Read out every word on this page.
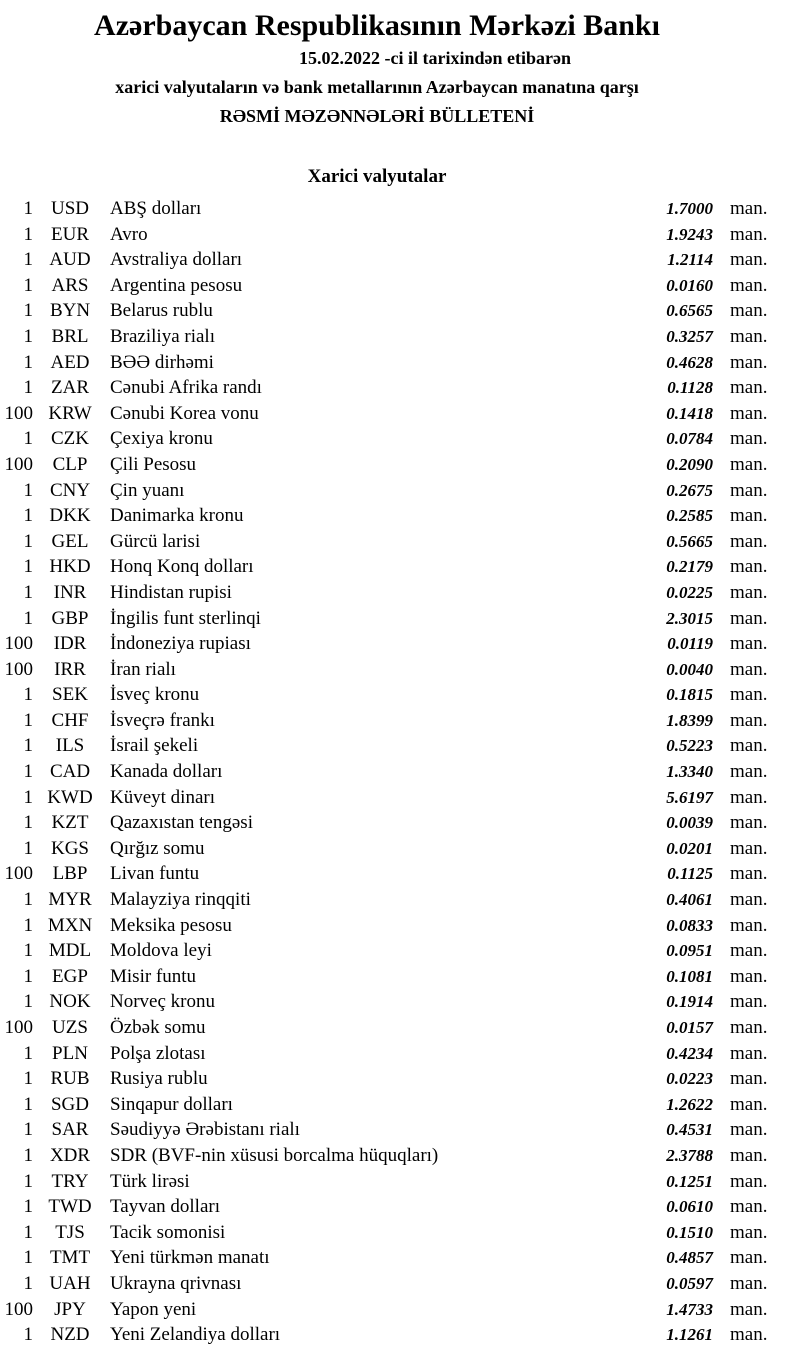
Azərbaycan Respublikasının Mərkəzi Bankı
15.02.2022 -ci il tarixindən etibarən
xarici valyutaların və bank metallarının Azərbaycan manatına qarşı
RƏSMİ MƏZƏNNƏLƏRİ BÜLLETENİ
Xarici valyutalar
1 USD	ABŞ dolları	1.7000 man.
1 EUR	Avro	1.9243 man.
1 AUD	Avstraliya dolları	1.2114 man.
1 ARS	Argentina pesosu	0.0160 man.
1 BYN	Belarus rublu	0.6565 man.
1 BRL	Braziliya rialı	0.3257 man.
1 AED	BƏƏ dirhəmi	0.4628 man.
1 ZAR	Cənubi Afrika randı	0.1128 man.
100 KRW Cənubi Korea vonu	0.1418 man.
1 CZK	Çexiya kronu	0.0784 man.
100	CLP	Çili Pesosu	0.2090 man.
1 CNY	Çin yuanı	0.2675 man.
1 DKK	Danimarka kronu	0.2585 man.
1 GEL	Gürcü larisi	0.5665 man.
1 HKD	Honq Konq dolları	0.2179 man.
1	INR	Hindistan rupisi	0.0225 man.
1 GBP	İngilis funt sterlinqi	2.3015 man.
100	IDR	İndoneziya rupiası	0.0119 man.
100	IRR	İran rialı	0.0040 man.
1	SEK	İsveç kronu	0.1815 man.
1 CHF	İsveçrə frankı	1.8399 man.
1	ILS	İsrail şekeli	0.5223 man.
1 CAD	Kanada dolları	1.3340 man.
1 KWD Küveyt dinarı	5.6197 man.
1 KZT	Qazaxıstan tengəsi	0.0039 man.
1 KGS	Qırğız somu	0.0201 man.
100	LBP	Livan funtu	0.1125 man.
1 MYR Malayziya rinqqiti	0.4061 man.
1 MXN Meksika pesosu	0.0833 man.
1 MDL Moldova leyi	0.0951 man.
1	EGP	Misir funtu	0.1081 man.
1 NOK	Norveç kronu	0.1914 man.
100	UZS	Özbək somu	0.0157 man.
1	PLN	Polşa zlotası	0.4234 man.
1 RUB	Rusiya rublu	0.0223 man.
1 SGD	Sinqapur dolları	1.2622 man.
1 SAR	Səudiyyə Ərəbistanı rialı	0.4531 man.
1 XDR	SDR (BVF-nin xüsusi borcalma hüquqları)	2.3788 man.
1 TRY	Türk lirəsi	0.1251 man.
1 TWD Tayvan dolları	0.0610 man.
1	TJS	Tacik somonisi	0.1510 man.
1 TMT	Yeni türkmən manatı	0.4857 man.
1 UAH	Ukrayna qrivnası	0.0597 man.
100	JPY	Yapon yeni	1.4733 man.
1 NZD	Yeni Zelandiya dolları	1.1261 man.
